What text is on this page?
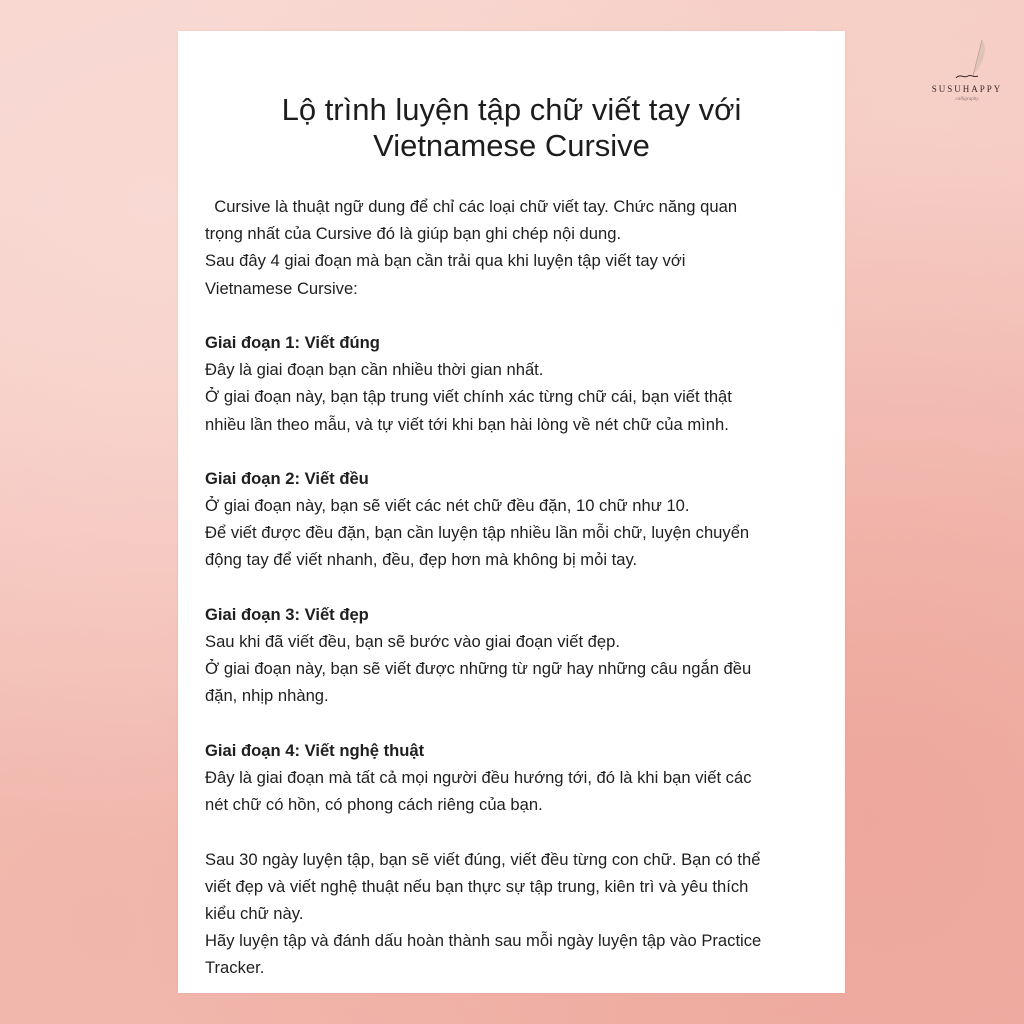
SUSUHAPPY
calligraphy
Lộ trình luyện tập chữ viết tay với
Vietnamese Cursive
Cursive là thuật ngữ dung để chỉ các loại chữ viết tay. Chức năng quan
trọng nhất của Cursive đó là giúp bạn ghi chép nội dung.
Sau đây 4 giai đoạn mà bạn cần trải qua khi luyện tập viết tay với
Vietnamese Cursive:
Giai đoạn 1: Viết đúng
Đây là giai đoạn bạn cần nhiều thời gian nhất.
Ở giai đoạn này, bạn tập trung viết chính xác từng chữ cái, bạn viết thật
nhiều lần theo mẫu, và tự viết tới khi bạn hài lòng về nét chữ của mình.
Giai đoạn 2: Viết đều
Ở giai đoạn này, bạn sẽ viết các nét chữ đều đặn, 10 chữ như 10.
Để viết được đều đặn, bạn cần luyện tập nhiều lần mỗi chữ, luyện chuyển
động tay để viết nhanh, đều, đẹp hơn mà không bị mỏi tay.
Giai đoạn 3: Viết đẹp
Sau khi đã viết đều, bạn sẽ bước vào giai đoạn viết đẹp.
Ở giai đoạn này, bạn sẽ viết được những từ ngữ hay những câu ngắn đều
đặn, nhịp nhàng.
Giai đoạn 4: Viết nghệ thuật
Đây là giai đoạn mà tất cả mọi người đều hướng tới, đó là khi bạn viết các
nét chữ có hồn, có phong cách riêng của bạn.
Sau 30 ngày luyện tập, bạn sẽ viết đúng, viết đều từng con chữ. Bạn có thể
viết đẹp và viết nghệ thuật nếu bạn thực sự tập trung, kiên trì và yêu thích
kiểu chữ này.
Hãy luyện tập và đánh dấu hoàn thành sau mỗi ngày luyện tập vào Practice
Tracker.
